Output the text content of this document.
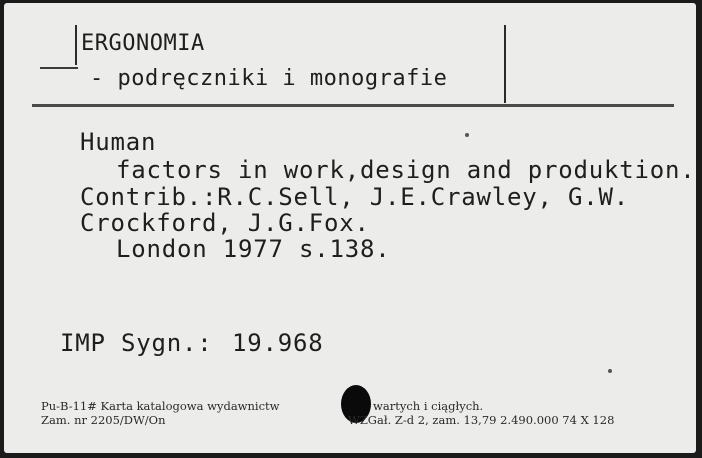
ERGONOMIA
- podręczniki i monografie
Human
factors in work,design and produktion.
Contrib.:R.C.Sell, J.E.Crawley, G.W.
Crockford, J.G.Fox.
London 1977 s.138.
IMP Sygn.: 19.968
Pu-B-11# Karta katalogowa wydawnictw	wartych i ciągłych.
Zam. nr 2205/DW/On	WZGał. Z-d 2, zam. 13,79 2.490.000 74 X 128
